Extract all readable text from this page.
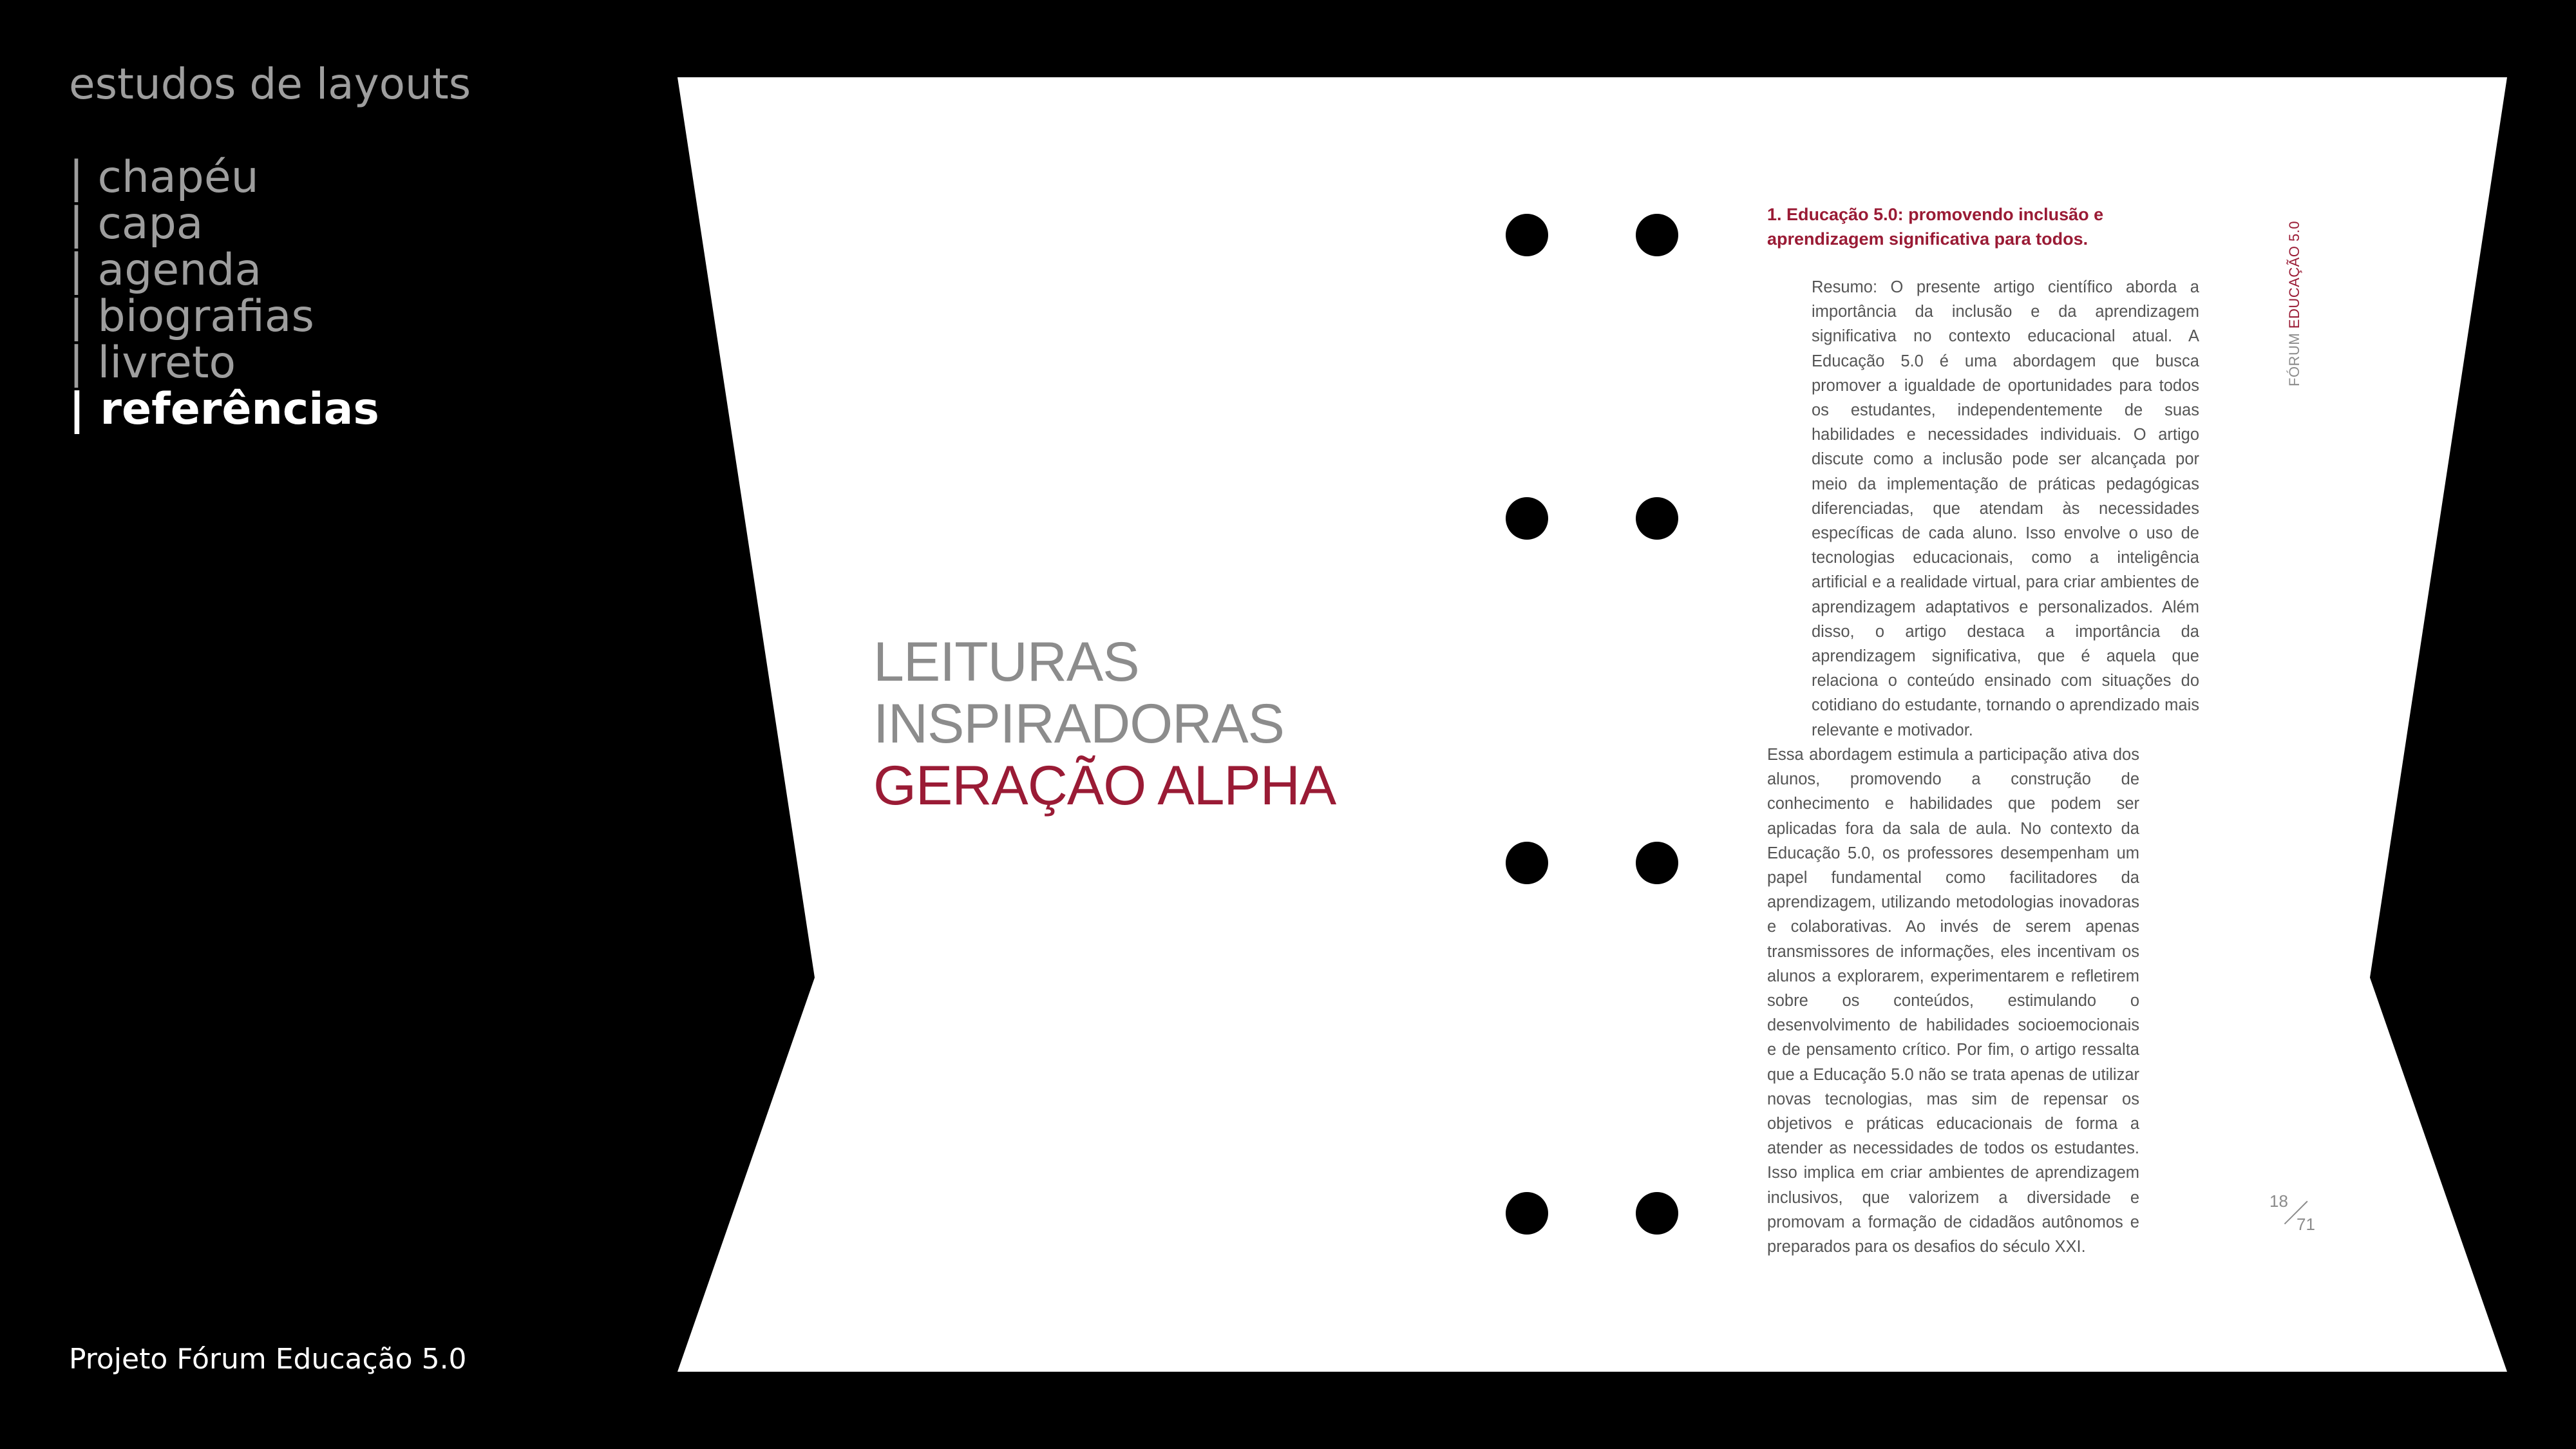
estudos de layouts
| chapéu
| capa
| agenda
| biografias
| livreto
| referências
Projeto Fórum Educação 5.0
LEITURAS
INSPIRADORAS
GERAÇÃO ALPHA
1. Educação 5.0: promovendo inclusão e aprendizagem significativa para todos.
Resumo: O presente artigo científico aborda a importância da inclusão e da aprendizagem significativa no contexto educacional atual. A Educação 5.0 é uma abordagem que busca promover a igualdade de oportunidades para todos os estudantes, independentemente de suas habilidades e necessidades individuais. O artigo discute como a inclusão pode ser alcançada por meio da implementação de práticas pedagógicas diferenciadas, que atendam às necessidades específicas de cada aluno. Isso envolve o uso de tecnologias educacionais, como a inteligência artificial e a realidade virtual, para criar ambientes de aprendizagem adaptativos e personalizados. Além disso, o artigo destaca a importância da aprendizagem significativa, que é aquela que relaciona o conteúdo ensinado com situações do cotidiano do estudante, tornando o aprendizado mais relevante e motivador.
Essa abordagem estimula a participação ativa dos alunos, promovendo a construção de conhecimento e habilidades que podem ser aplicadas fora da sala de aula. No contexto da Educação 5.0, os professores desempenham um papel fundamental como facilitadores da aprendizagem, utilizando metodologias inovadoras e colaborativas. Ao invés de serem apenas transmissores de informações, eles incentivam os alunos a explorarem, experimentarem e refletirem sobre os conteúdos, estimulando o desenvolvimento de habilidades socioemocionais e de pensamento crítico. Por fim, o artigo ressalta que a Educação 5.0 não se trata apenas de utilizar novas tecnologias, mas sim de repensar os objetivos e práticas educacionais de forma a atender as necessidades de todos os estudantes. Isso implica em criar ambientes de aprendizagem inclusivos, que valorizem a diversidade e promovam a formação de cidadãos autônomos e preparados para os desafios do século XXI.
FÓRUM EDUCAÇÃO 5.0
18
71
